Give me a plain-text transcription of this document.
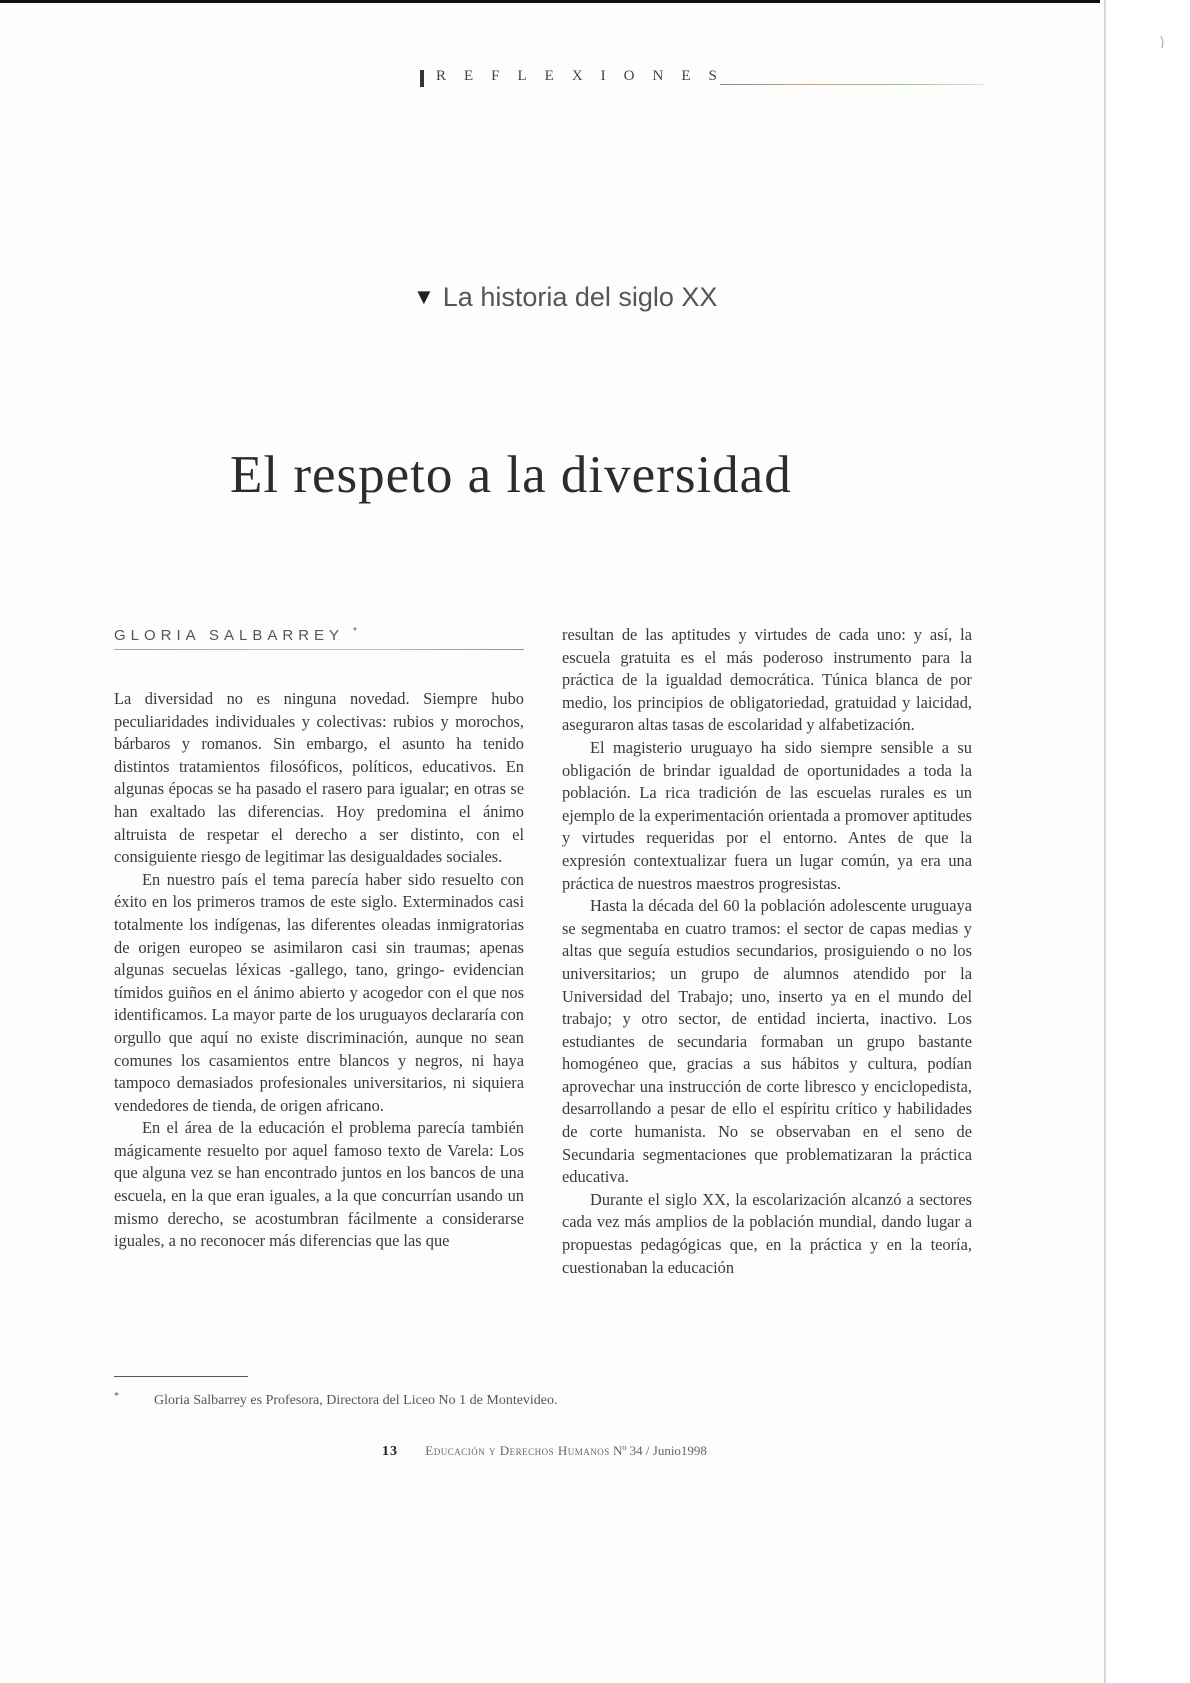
REFLEXIONES
▼ La historia del siglo XX
El respeto a la diversidad
GLORIA SALBARREY *

La diversidad no es ninguna novedad. Siempre hubo peculiaridades individuales y colectivas: rubios y morochos, bárbaros y romanos. Sin embargo, el asunto ha tenido distintos tratamientos filosóficos, políticos, educativos. En algunas épocas se ha pasado el rasero para igualar; en otras se han exaltado las diferencias. Hoy predomina el ánimo altruista de respetar el derecho a ser distinto, con el consiguiente riesgo de legitimar las desigualdades sociales.

En nuestro país el tema parecía haber sido resuelto con éxito en los primeros tramos de este siglo. Exterminados casi totalmente los indígenas, las diferentes oleadas inmigratorias de origen europeo se asimilaron casi sin traumas; apenas algunas secuelas léxicas -gallego, tano, gringo- evidencian tímidos guiños en el ánimo abierto y acogedor con el que nos identificamos. La mayor parte de los uruguayos declararía con orgullo que aquí no existe discriminación, aunque no sean comunes los casamientos entre blancos y negros, ni haya tampoco demasiados profesionales universitarios, ni siquiera vendedores de tienda, de origen africano.

En el área de la educación el problema parecía también mágicamente resuelto por aquel famoso texto de Varela: Los que alguna vez se han encontrado juntos en los bancos de una escuela, en la que eran iguales, a la que concurrían usando un mismo derecho, se acostumbran fácilmente a considerarse iguales, a no reconocer más diferencias que las que

resultan de las aptitudes y virtudes de cada uno: y así, la escuela gratuita es el más poderoso instrumento para la práctica de la igualdad democrática. Túnica blanca de por medio, los principios de obligatoriedad, gratuidad y laicidad, aseguraron altas tasas de escolaridad y alfabetización.

El magisterio uruguayo ha sido siempre sensible a su obligación de brindar igualdad de oportunidades a toda la población. La rica tradición de las escuelas rurales es un ejemplo de la experimentación orientada a promover aptitudes y virtudes requeridas por el entorno. Antes de que la expresión contextualizar fuera un lugar común, ya era una práctica de nuestros maestros progresistas.

Hasta la década del 60 la población adolescente uruguaya se segmentaba en cuatro tramos: el sector de capas medias y altas que seguía estudios secundarios, prosiguiendo o no los universitarios; un grupo de alumnos atendido por la Universidad del Trabajo; uno, inserto ya en el mundo del trabajo; y otro sector, de entidad incierta, inactivo. Los estudiantes de secundaria formaban un grupo bastante homogéneo que, gracias a sus hábitos y cultura, podían aprovechar una instrucción de corte libresco y enciclopedista, desarrollando a pesar de ello el espíritu crítico y habilidades de corte humanista. No se observaban en el seno de Secundaria segmentaciones que problematizaran la práctica educativa.

Durante el siglo XX, la escolarización alcanzó a sectores cada vez más amplios de la población mundial, dando lugar a propuestas pedagógicas que, en la práctica y en la teoría, cuestionaban la educación

*	Gloria Salbarrey es Profesora, Directora del Liceo No 1 de Montevideo.
13 Educación y Derechos Humanos Nº 34 / Junio1998
